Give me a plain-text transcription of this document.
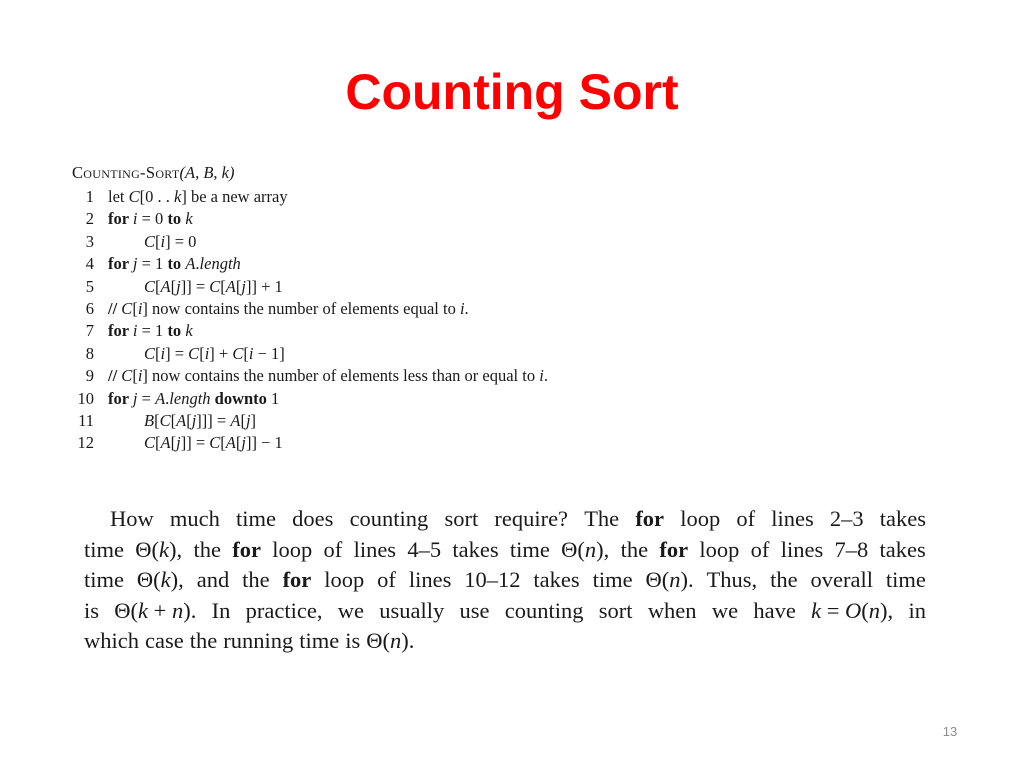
Counting Sort
Counting-Sort(A, B, k)
1 let C[0 . . k] be a new array
2 for i = 0 to k
3	C[i] = 0
4 for j = 1 to A.length
5	C[A[j]] = C[A[j]] + 1
6 // C[i] now contains the number of elements equal to i.
7 for i = 1 to k
8	C[i] = C[i] + C[i − 1]
9 // C[i] now contains the number of elements less than or equal to i.
10 for j = A.length downto 1
11	B[C[A[j]]] = A[j]
12	C[A[j]] = C[A[j]] − 1
How much time does counting sort require? The for loop of lines 2–3 takes
time Θ(k), the for loop of lines 4–5 takes time Θ(n), the for loop of lines 7–8 takes
time Θ(k), and the for loop of lines 10–12 takes time Θ(n). Thus, the overall time
is Θ(k + n). In practice, we usually use counting sort when we have k = O(n), in
which case the running time is Θ(n).
13
